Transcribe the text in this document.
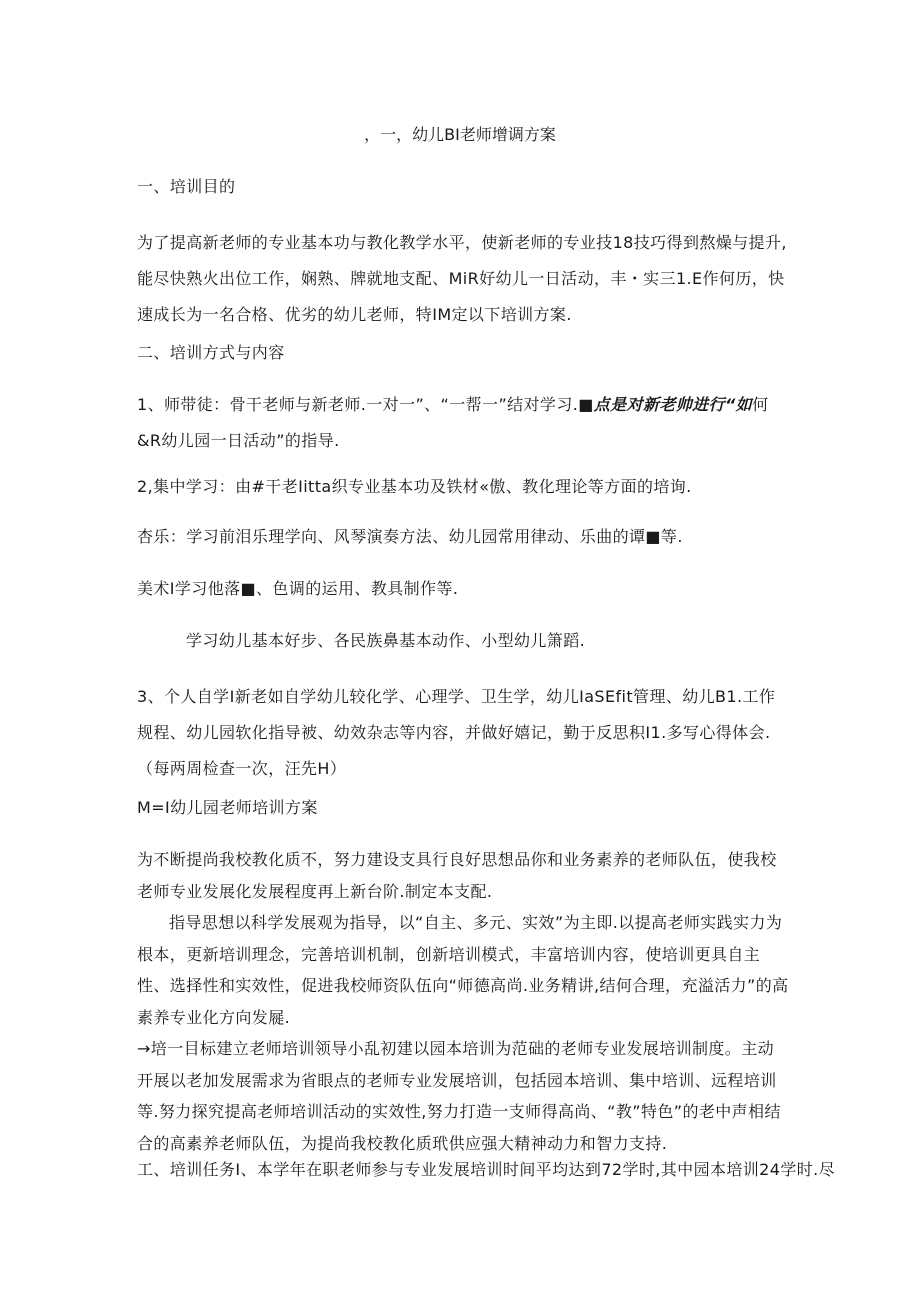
，一，幼儿BI老师增调方案
一、培训目的
为了提高新老师的专业基本功与教化教学水平，使新老师的专业技18技巧得到熬燥与提升,能尽快熟火出位工作，娴熟、牌就地支配、MiR好幼儿一日活动，丰・实三1.E作何历，快速成长为一名合格、优劣的幼儿老师，特IM定以下培训方案.
二、培训方式与内容
1、师带徒：骨干老师与新老师.一对一”、“一帮一”结对学习.■点是对新老帅进行“如何&R幼儿园一日活动”的指导.
2,集中学习：由#干老Iitta织专业基本功及铁材«傲、教化理论等方面的培询.
杏乐：学习前泪乐理学向、风琴演奏方法、幼儿园常用律动、乐曲的谭■等.
美术I学习他落■、色调的运用、教具制作等.
学习幼儿基本好步、各民族鼻基本动作、小型幼儿箫蹈.
3、个人自学I新老如自学幼儿较化学、心理学、卫生学，幼儿IaSEfit管理、幼儿B1.工作规程、幼儿园软化指导被、幼效杂志等内容，并做好嬉记，勤于反思积I1.多写心得体会.（每两周检查一次，汪先H）
M=I幼儿园老师培训方案
为不断提尚我校教化质不，努力建设支具行良好思想品你和业务素养的老师队伍，使我校老师专业发展化发展程度再上新台阶.制定本支配.
指导思想以科学发展观为指导，以“自主、多元、实效”为主即.以提高老师实践实力为根本，更新培训理念，完善培训机制，创新培训模式，丰富培训内容，使培训更具自主性、选择性和实效性，促进我校师资队伍向“师德高尚.业务精讲,结何合理，充溢活力”的高素养专业化方向发屣.
→培一目标建立老师培训领导小乱初建以园本培训为范础的老师专业发展培训制度。主动开展以老加发展需求为省眼点的老师专业发展培训，包括园本培训、集中培训、远程培训等.努力探究提高老师培训活动的实效性,努力打造一支师得高尚、“教”特色”的老中声相结合的高素养老师队伍，为提尚我校教化质玳供应强大精神动力和智力支持.
工、培训任务I、本学年在职老师参与专业发展培训时间平均达到72学时,其中园本培训24学时.尽
